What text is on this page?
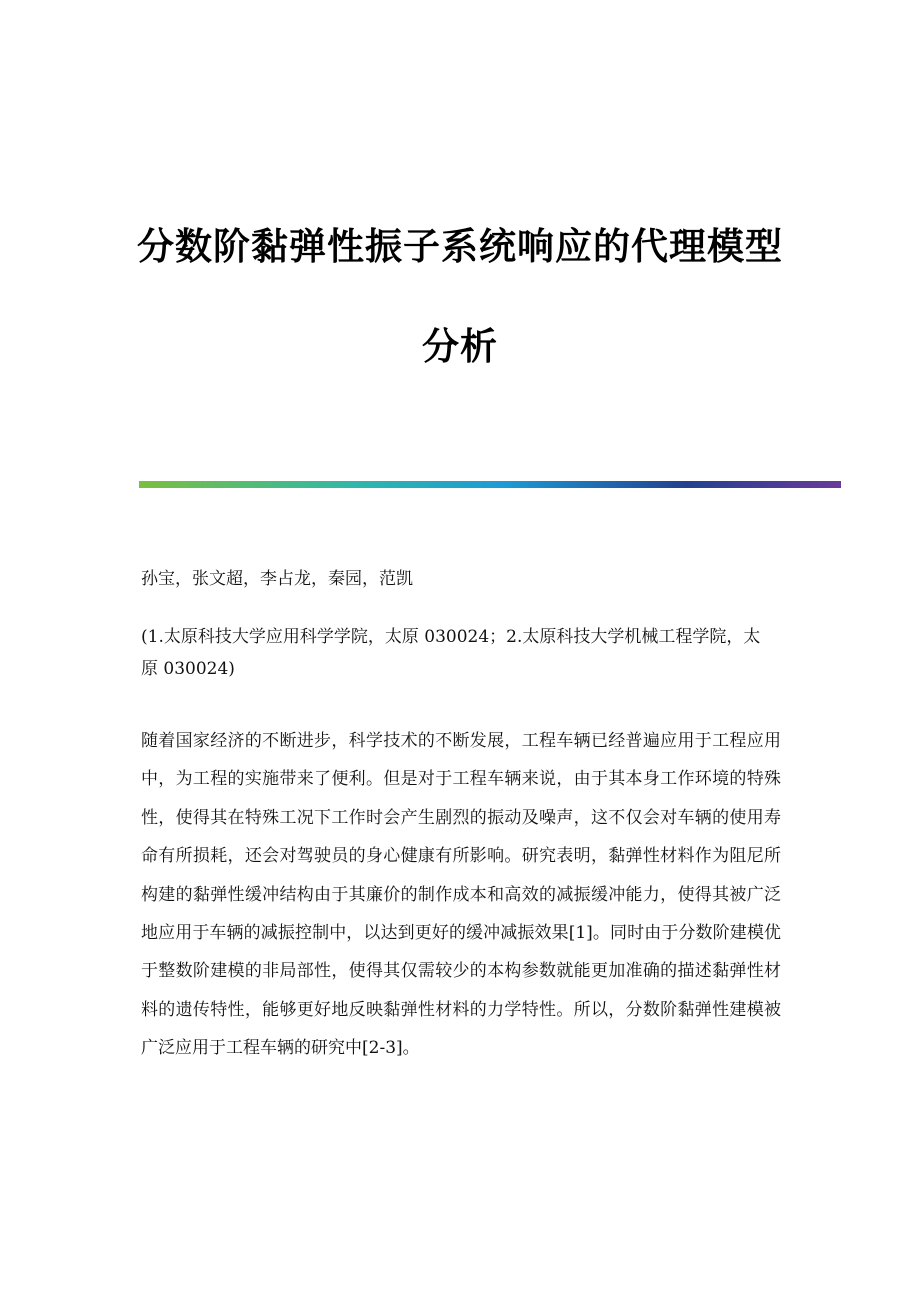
分数阶黏弹性振子系统响应的代理模型
分析
孙宝，张文超，李占龙，秦园，范凯
(1.太原科技大学应用科学学院，太原 030024；2.太原科技大学机械工程学院，太原 030024)
随着国家经济的不断进步，科学技术的不断发展，工程车辆已经普遍应用于工程应用中，为工程的实施带来了便利。但是对于工程车辆来说，由于其本身工作环境的特殊性，使得其在特殊工况下工作时会产生剧烈的振动及噪声，这不仅会对车辆的使用寿命有所损耗，还会对驾驶员的身心健康有所影响。研究表明，黏弹性材料作为阻尼所构建的黏弹性缓冲结构由于其廉价的制作成本和高效的减振缓冲能力，使得其被广泛地应用于车辆的减振控制中，以达到更好的缓冲减振效果[1]。同时由于分数阶建模优于整数阶建模的非局部性，使得其仅需较少的本构参数就能更加准确的描述黏弹性材料的遗传特性，能够更好地反映黏弹性材料的力学特性。所以，分数阶黏弹性建模被广泛应用于工程车辆的研究中[2-3]。
